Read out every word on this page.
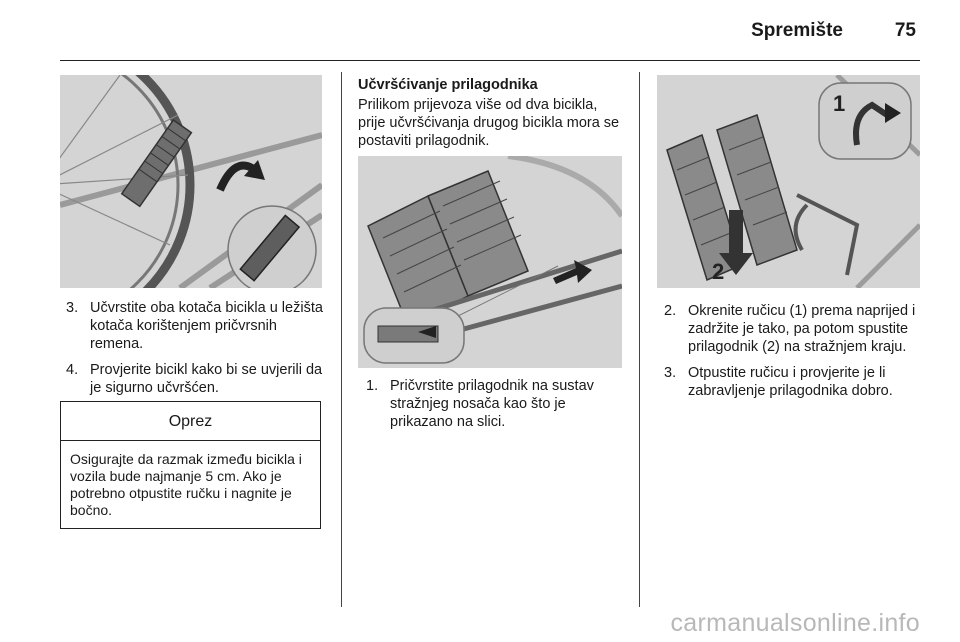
Spremište	75
3. Učvrstite oba kotača bicikla u ležišta kotača korištenjem pričvrsnih remena.
4. Provjerite bicikl kako bi se uvjerili da je sigurno učvršćen.
Oprez
Osigurajte da razmak između bicikla i vozila bude najmanje 5 cm. Ako je potrebno otpustite ručku i nagnite je bočno.
Učvršćivanje prilagodnika

Prilikom prijevoza više od dva bicikla, prije učvršćivanja drugog bicikla mora se postaviti prilagodnik.

1. Pričvrstite prilagodnik na sustav stražnjeg nosača kao što je prikazano na slici.
2
1
2. Okrenite ručicu (1) prema naprijed i zadržite je tako, pa potom spustite prilagodnik (2) na stražnjem kraju.
3. Otpustite ručicu i provjerite je li zabravljenje prilagodnika dobro.
carmanualsonline.info
